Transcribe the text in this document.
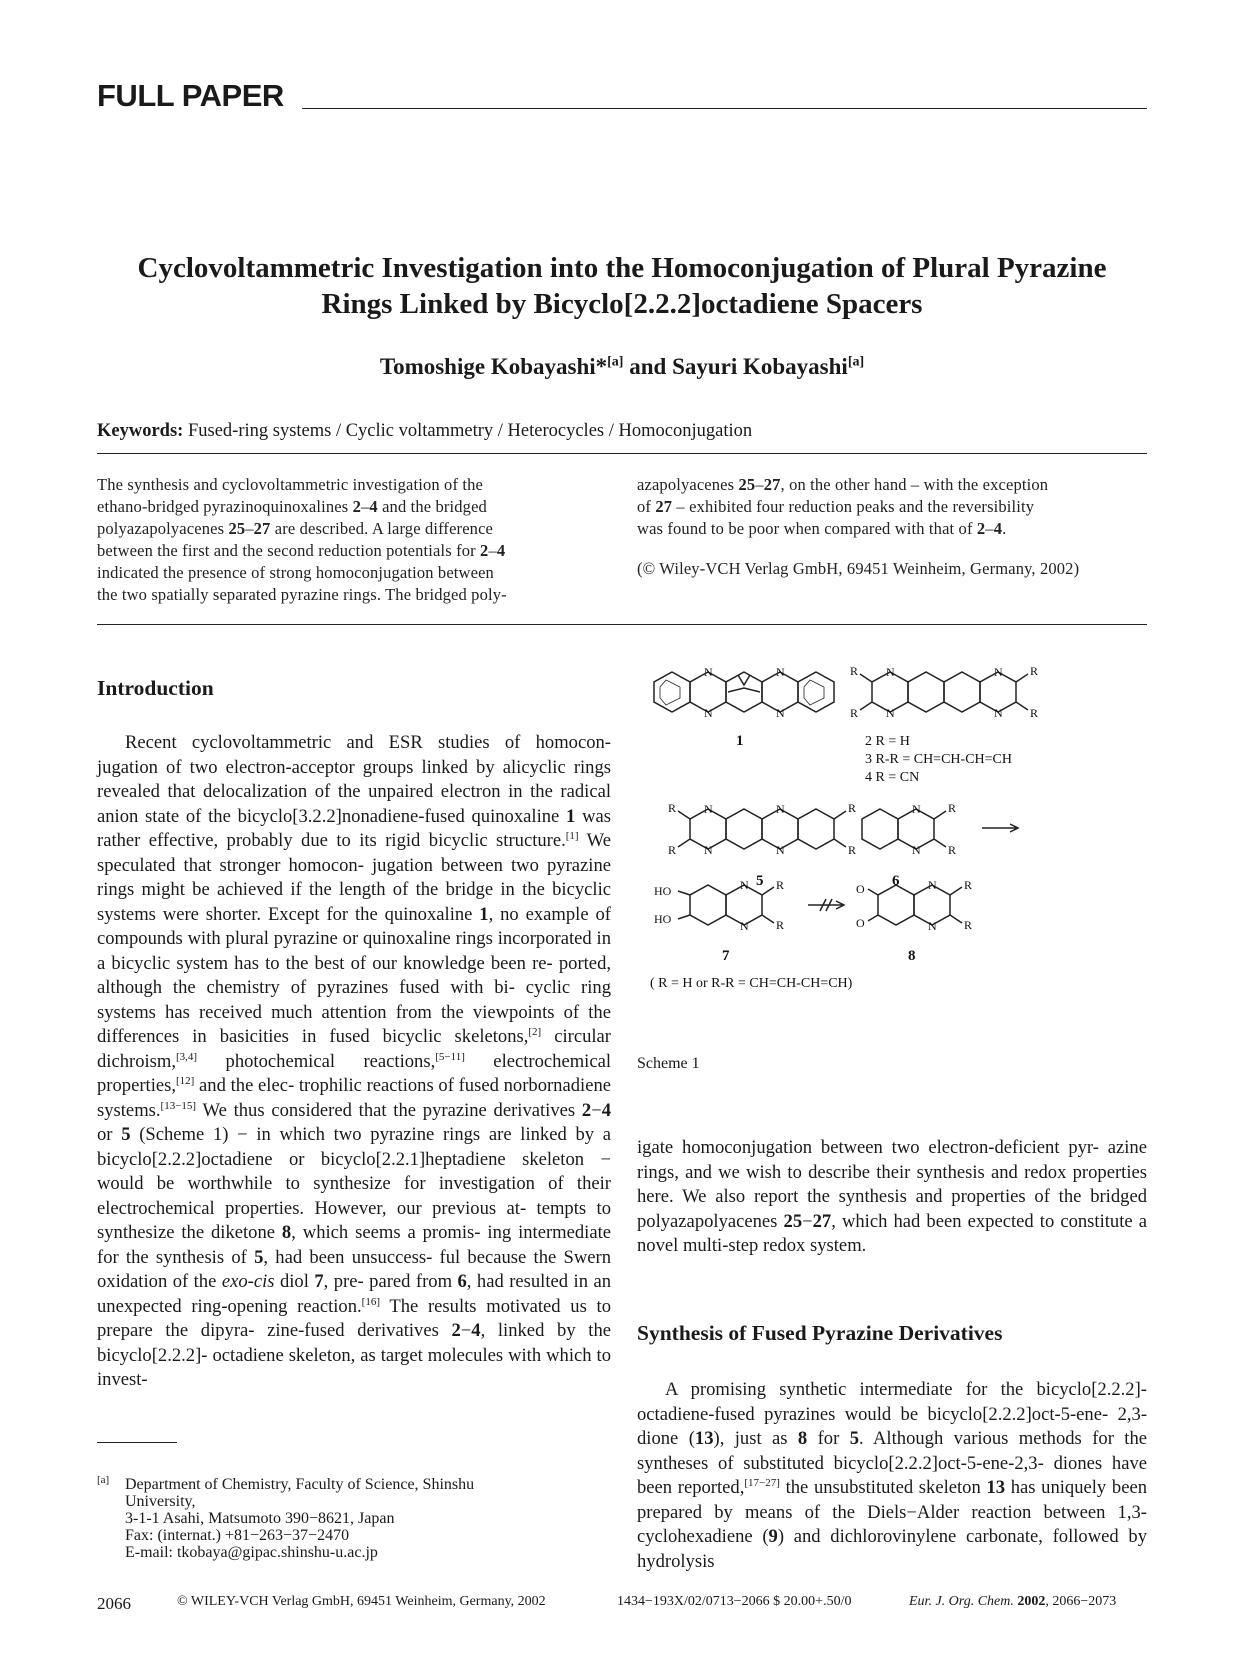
FULL PAPER
Cyclovoltammetric Investigation into the Homoconjugation of Plural Pyrazine
Rings Linked by Bicyclo[2.2.2]octadiene Spacers
Tomoshige Kobayashi*[a] and Sayuri Kobayashi[a]
Keywords: Fused-ring systems / Cyclic voltammetry / Heterocycles / Homoconjugation
The synthesis and cyclovoltammetric investigation of the
ethano-bridged pyrazinoquinoxalines 2–4 and the bridged
polyazapolyacenes 25–27 are described. A large difference
between the first and the second reduction potentials for 2–4
indicated the presence of strong homoconjugation between
the two spatially separated pyrazine rings. The bridged poly-
azapolyacenes 25–27, on the other hand – with the exception
of 27 – exhibited four reduction peaks and the reversibility
was found to be poor when compared with that of 2–4.
(© Wiley-VCH Verlag GmbH, 69451 Weinheim, Germany, 2002)
Introduction

Recent cyclovoltammetric and ESR studies of homocon- jugation of two electron-acceptor groups linked by alicyclic rings revealed that delocalization of the unpaired electron in the radical anion state of the bicyclo[3.2.2]nonadiene-fused quinoxaline 1 was rather effective, probably due to its rigid bicyclic structure.[1] We speculated that stronger homocon- jugation between two pyrazine rings might be achieved if the length of the bridge in the bicyclic systems were shorter. Except for the quinoxaline 1, no example of compounds with plural pyrazine or quinoxaline rings incorporated in a bicyclic system has to the best of our knowledge been re- ported, although the chemistry of pyrazines fused with bi- cyclic ring systems has received much attention from the viewpoints of the differences in basicities in fused bicyclic skeletons,[2] circular dichroism,[3,4] photochemical reactions,[5−11] electrochemical properties,[12] and the elec- trophilic reactions of fused norbornadiene systems.[13−15] We thus considered that the pyrazine derivatives 2−4 or 5 (Scheme 1) − in which two pyrazine rings are linked by a bicyclo[2.2.2]octadiene or bicyclo[2.2.1]heptadiene skeleton − would be worthwhile to synthesize for investigation of their electrochemical properties. However, our previous at- tempts to synthesize the diketone 8, which seems a promis- ing intermediate for the synthesis of 5, had been unsuccess- ful because the Swern oxidation of the exo-cis diol 7, pre- pared from 6, had resulted in an unexpected ring-opening reaction.[16] The results motivated us to prepare the dipyra- zine-fused derivatives 2−4, linked by the bicyclo[2.2.2]- octadiene skeleton, as target molecules with which to invest-

1
N
N
N
N
R
R
R
R
N
N
N
N
2 R = H
3 R-R = CH=CH-CH=CH
4 R = CN
R
R
R
R
N
N
N
N
5
R
R
N
N
6
HO
HO
R
R
N
N
7
O
O
R
R
N
N
8
( R = H or R-R = CH=CH-CH=CH)
Scheme 1
igate homoconjugation between two electron-deficient pyr- azine rings, and we wish to describe their synthesis and redox properties here. We also report the synthesis and properties of the bridged polyazapolyacenes 25−27, which had been expected to constitute a novel multi-step redox system.
Synthesis of Fused Pyrazine Derivatives

A promising synthetic intermediate for the bicyclo[2.2.2]- octadiene-fused pyrazines would be bicyclo[2.2.2]oct-5-ene- 2,3-dione (13), just as 8 for 5. Although various methods for the syntheses of substituted bicyclo[2.2.2]oct-5-ene-2,3- diones have been reported,[17−27] the unsubstituted skeleton 13 has uniquely been prepared by means of the Diels−Alder reaction between 1,3-cyclohexadiene (9) and dichlorovinylene carbonate, followed by hydrolysis

[a] Department of Chemistry, Faculty of Science, Shinshu
University,
3-1-1 Asahi, Matsumoto 390−8621, Japan
Fax: (internat.) +81−263−37−2470
E-mail: tkobaya@gipac.shinshu-u.ac.jp
2066	© WILEY-VCH Verlag GmbH, 69451 Weinheim, Germany, 2002	1434−193X/02/0713−2066 $ 20.00+.50/0	Eur. J. Org. Chem. 2002 , 2066−2073
